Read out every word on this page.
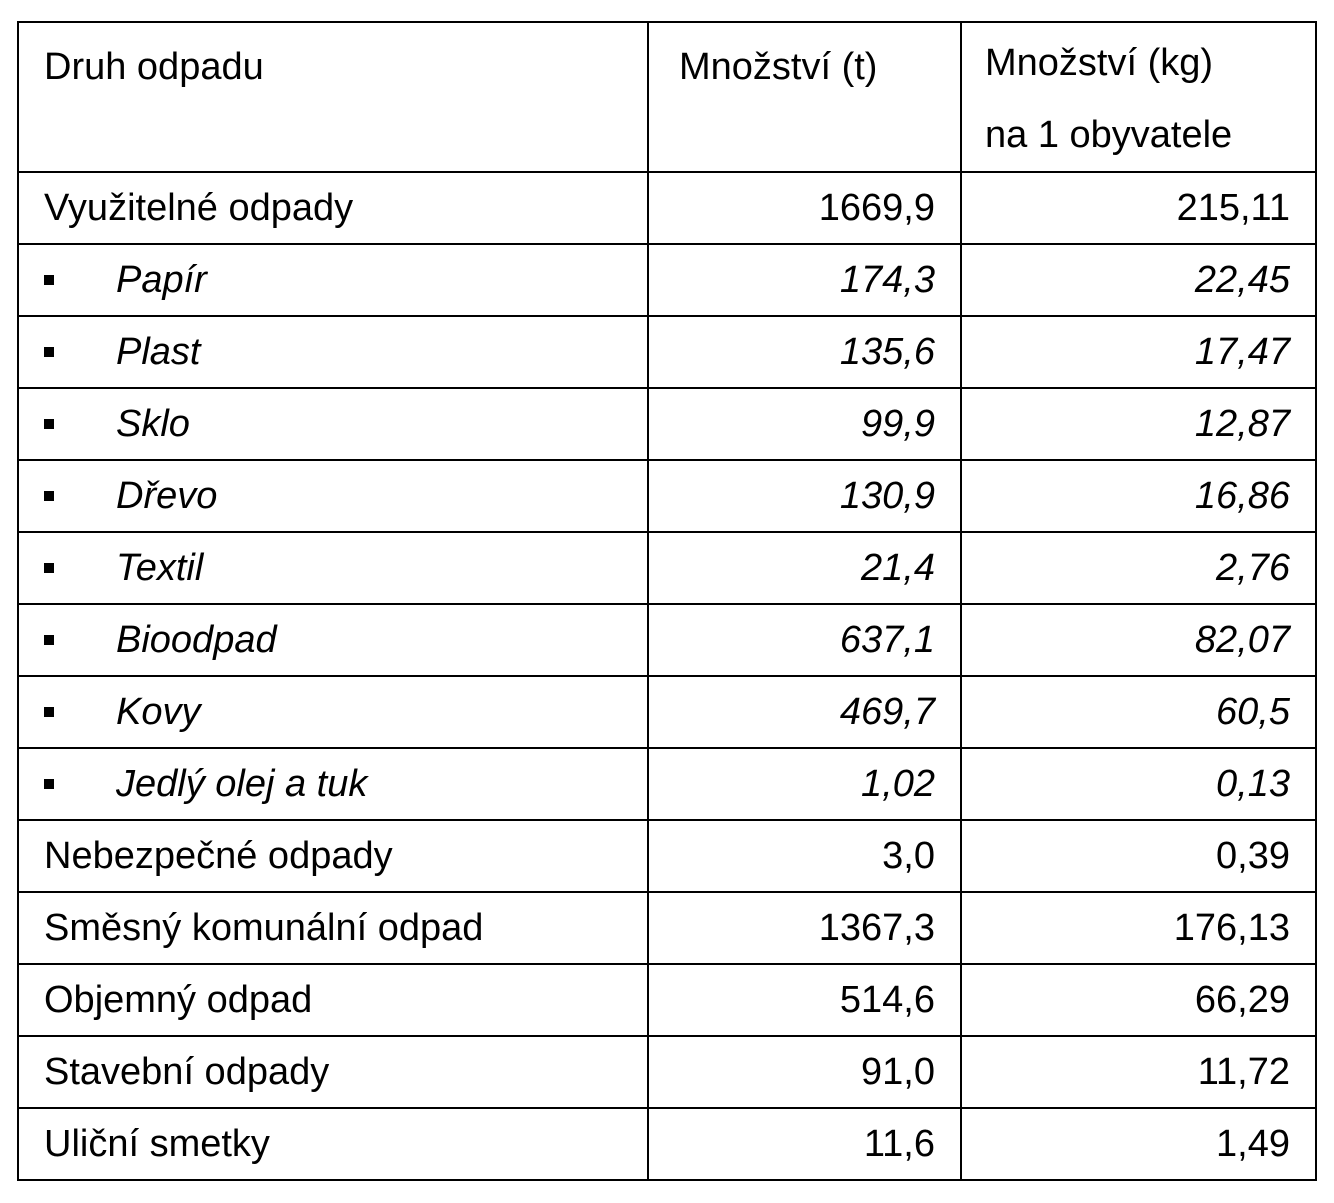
Druh odpadu	Množství (t)	Množství (kg)
na 1 obyvatele
Využitelné odpady	1669,9	215,11
Papír	174,3	22,45
Plast	135,6	17,47
Sklo	99,9	12,87
Dřevo	130,9	16,86
Textil	21,4	2,76
Bioodpad	637,1	82,07
Kovy	469,7	60,5
Jedlý olej a tuk	1,02	0,13
Nebezpečné odpady	3,0	0,39
Směsný komunální odpad	1367,3	176,13
Objemný odpad	514,6	66,29
Stavební odpady	91,0	11,72
Uliční smetky	11,6	1,49
